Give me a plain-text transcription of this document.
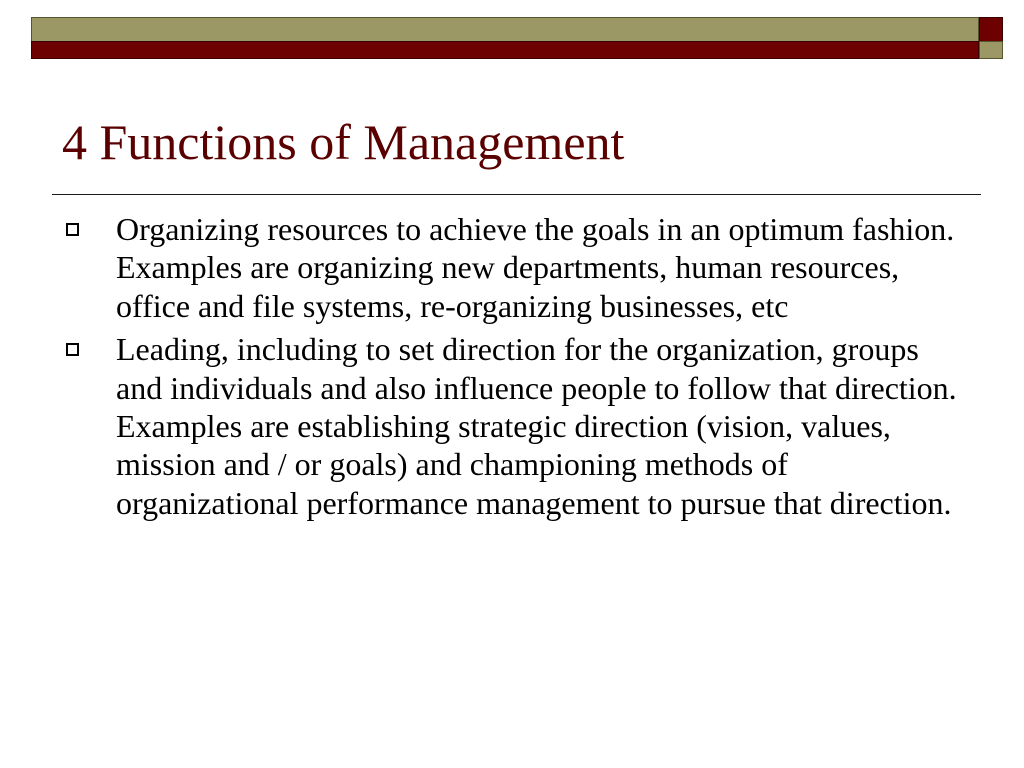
4 Functions of Management
Organizing resources to achieve the goals in an optimum fashion. Examples are organizing new departments, human resources, office and file systems, re-organizing businesses, etc
Leading, including to set direction for the organization, groups and individuals and also influence people to follow that direction. Examples are establishing strategic direction (vision, values, mission and / or goals) and championing methods of organizational performance management to pursue that direction.
